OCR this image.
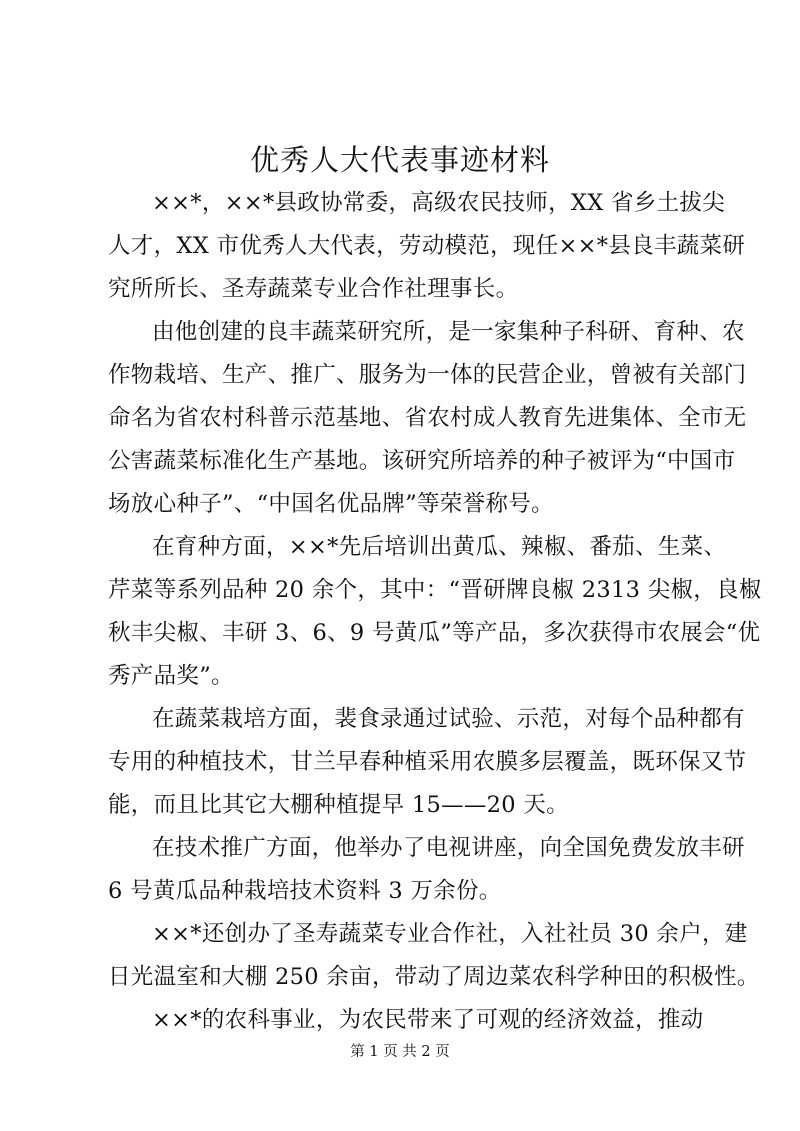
优秀人大代表事迹材料
××*，××*县政协常委，高级农民技师，XX 省乡土拔尖
人才，XX 市优秀人大代表，劳动模范，现任××*县良丰蔬菜研
究所所长、圣寿蔬菜专业合作社理事长。
由他创建的良丰蔬菜研究所，是一家集种子科研、育种、农
作物栽培、生产、推广、服务为一体的民营企业，曾被有关部门
命名为省农村科普示范基地、省农村成人教育先进集体、全市无
公害蔬菜标准化生产基地。该研究所培养的种子被评为“中国市
场放心种子”、“中国名优品牌”等荣誉称号。
在育种方面，××*先后培训出黄瓜、辣椒、番茄、生菜、
芹菜等系列品种 20 余个，其中：“晋研牌良椒 2313 尖椒，良椒
秋丰尖椒、丰研 3、6、9 号黄瓜”等产品，多次获得市农展会“优
秀产品奖”。
在蔬菜栽培方面，裴食录通过试验、示范，对每个品种都有
专用的种植技术，甘兰早春种植采用农膜多层覆盖，既环保又节
能，而且比其它大棚种植提早 15——20 天。
在技术推广方面，他举办了电视讲座，向全国免费发放丰研
6 号黄瓜品种栽培技术资料 3 万余份。
××*还创办了圣寿蔬菜专业合作社，入社社员 30 余户，建
日光温室和大棚 250 余亩，带动了周边菜农科学种田的积极性。
××*的农科事业，为农民带来了可观的经济效益，推动
第 1 页 共 2 页
